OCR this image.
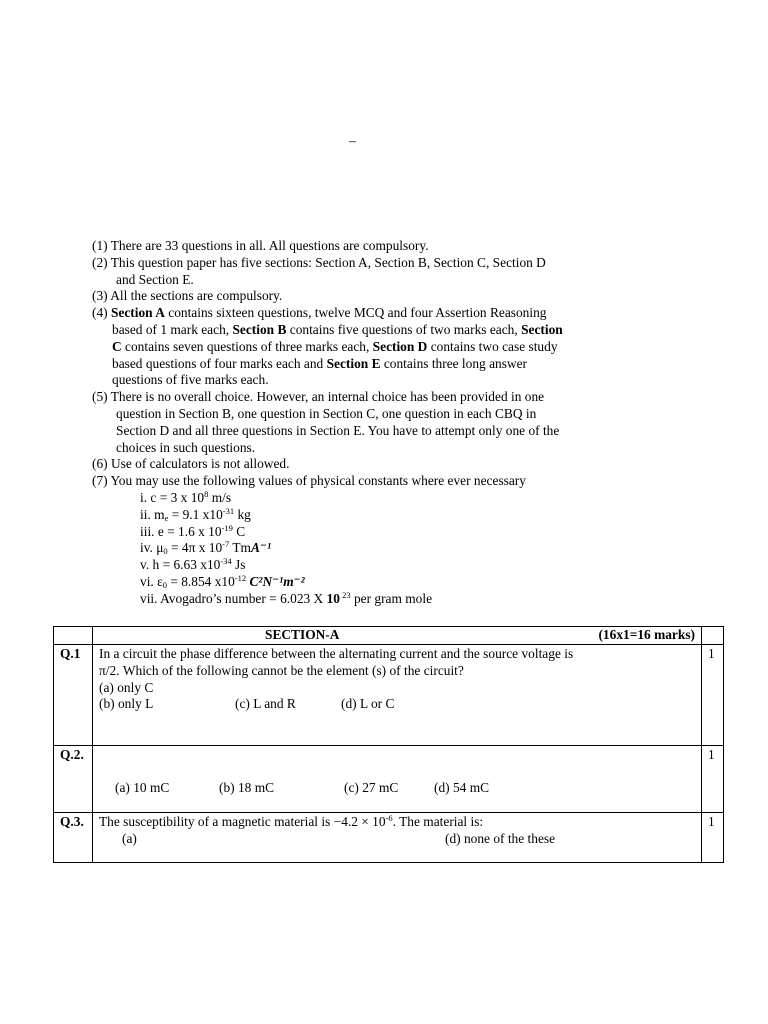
–
(1) There are 33 questions in all. All questions are compulsory.
(2) This question paper has five sections: Section A, Section B, Section C, Section D
and Section E.
(3) All the sections are compulsory.
(4) Section A contains sixteen questions, twelve MCQ and four Assertion Reasoning
based of 1 mark each, Section B contains five questions of two marks each, Section
C contains seven questions of three marks each, Section D contains two case study
based questions of four marks each and Section E contains three long answer
questions of five marks each.
(5) There is no overall choice. However, an internal choice has been provided in one
question in Section B, one question in Section C, one question in each CBQ in
Section D and all three questions in Section E. You have to attempt only one of the
choices in such questions.
(6) Use of calculators is not allowed.
(7) You may use the following values of physical constants where ever necessary
i. c = 3 x $10^8$ m/s
ii. $m_e = 9.1$ $x10^{-31}$ kg
iii. e = 1.6 x $10^{-19}$ C
iv. $\mu_0 = 4\pi$ x $10^{-7}$ TmA⁻¹
v. h = 6.63 $x10^{-34}$ Js
vi. $\varepsilon_0 = 8.854$ $x10^{-12}$ C²N⁻¹m⁻²
vii. Avogadro’s number = 6.023 X 10 $^{23}$ per gram mole

	SECTION-A (16x1=16 marks)	

Q.1	In a circuit the phase difference between the alternating current and the source voltage is
π/2. Which of the following cannot be the element (s) of the circuit?
(a) only C
(b) only L (c) L and R (d) L or C	1
Q.2.	(a) 10 mC (b) 18 mC (c) 27 mC (d) 54 mC	1
Q.3.	The susceptibility of a magnetic material is $-4.2 \times 10^{-6}$. The material is:
(a) (d) none of the these	1
